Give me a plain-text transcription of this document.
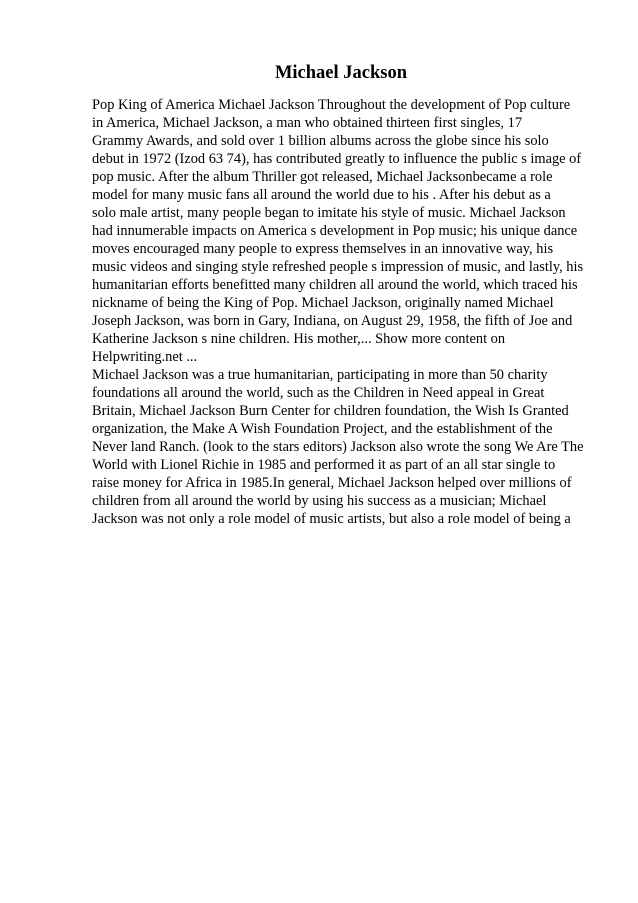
Michael Jackson
Pop King of America Michael Jackson Throughout the development of Pop culture
in America, Michael Jackson, a man who obtained thirteen first singles, 17
Grammy Awards, and sold over 1 billion albums across the globe since his solo
debut in 1972 (Izod 63 74), has contributed greatly to influence the public s image of
pop music. After the album Thriller got released, Michael Jacksonbecame a role
model for many music fans all around the world due to his . After his debut as a
solo male artist, many people began to imitate his style of music. Michael Jackson
had innumerable impacts on America s development in Pop music; his unique dance
moves encouraged many people to express themselves in an innovative way, his
music videos and singing style refreshed people s impression of music, and lastly, his
humanitarian efforts benefitted many children all around the world, which traced his
nickname of being the King of Pop. Michael Jackson, originally named Michael
Joseph Jackson, was born in Gary, Indiana, on August 29, 1958, the fifth of Joe and
Katherine Jackson s nine children. His mother,... Show more content on
Helpwriting.net ...
Michael Jackson was a true humanitarian, participating in more than 50 charity
foundations all around the world, such as the Children in Need appeal in Great
Britain, Michael Jackson Burn Center for children foundation, the Wish Is Granted
organization, the Make A Wish Foundation Project, and the establishment of the
Never land Ranch. (look to the stars editors) Jackson also wrote the song We Are The
World with Lionel Richie in 1985 and performed it as part of an all star single to
raise money for Africa in 1985.In general, Michael Jackson helped over millions of
children from all around the world by using his success as a musician; Michael
Jackson was not only a role model of music artists, but also a role model of being a
